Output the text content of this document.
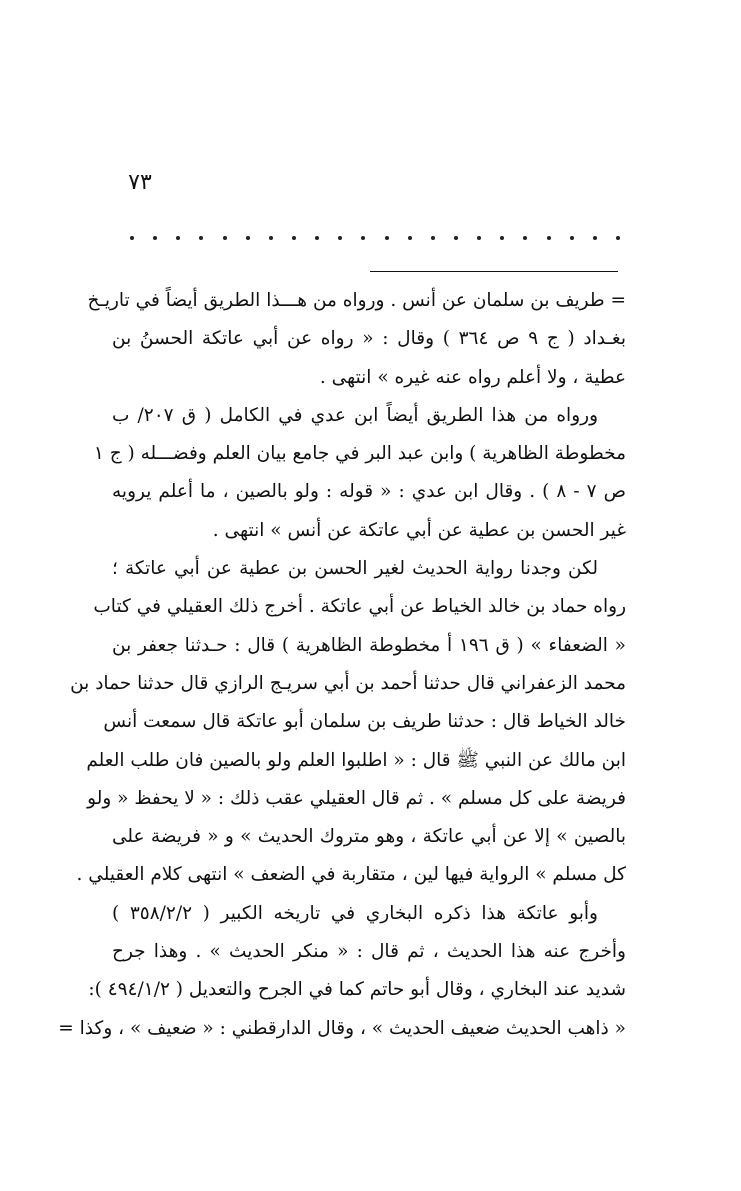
٧٣
= طريف بن سلمان عن أنس . ورواه من هـــذا الطريق أيضاً في تاريـخ
بغـداد ( ج ٩ ص ٣٦٤ ) وقال : « رواه عن أبي عاتكة الحسنُ بن
عطية ، ولا أعلم رواه عنه غيره » انتهى .
ورواه من هذا الطريق أيضاً ابن عدي في الكامل ( ق ٢٠٧/ ب
مخطوطة الظاهرية ) وابن عبد البر في جامع بيان العلم وفضـــله ( ج ١
ص ٧ - ٨ ) . وقال ابن عدي : « قوله : ولو بالصين ، ما أعلم يرويه
غير الحسن بن عطية عن أبي عاتكة عن أنس » انتهى .
لكن وجدنا رواية الحديث لغير الحسن بن عطية عن أبي عاتكة ؛
رواه حماد بن خالد الخياط عن أبي عاتكة . أخرج ذلك العقيلي في كتاب
« الضعفاء » ( ق ١٩٦ أ مخطوطة الظاهرية ) قال : حـدثنا جعفر بن
محمد الزعفراني قال حدثنا أحمد بن أبي سريـج الرازي قال حدثنا حماد بن
خالد الخياط قال : حدثنا طريف بن سلمان أبو عاتكة قال سمعت أنس
ابن مالك عن النبي ﷺ قال : « اطلبوا العلم ولو بالصين فان طلب العلم
فريضة على كل مسلم » . ثم قال العقيلي عقب ذلك : « لا يحفظ « ولو
بالصين » إلا عن أبي عاتكة ، وهو متروك الحديث » و « فريضة على
كل مسلم » الرواية فيها لين ، متقاربة في الضعف » انتهى كلام العقيلي .
وأبو عاتكة هذا ذكره البخاري في تاريخه الكبير ( ٣٥٨/٢/٢ )
وأخرج عنه هذا الحديث ، ثم قال : « منكر الحديث » . وهذا جرح
شديد عند البخاري ، وقال أبو حاتم كما في الجرح والتعديل ( ٤٩٤/١/٢ ):
« ذاهب الحديث ضعيف الحديث » ، وقال الدارقطني : « ضعيف » ، وكذا =
